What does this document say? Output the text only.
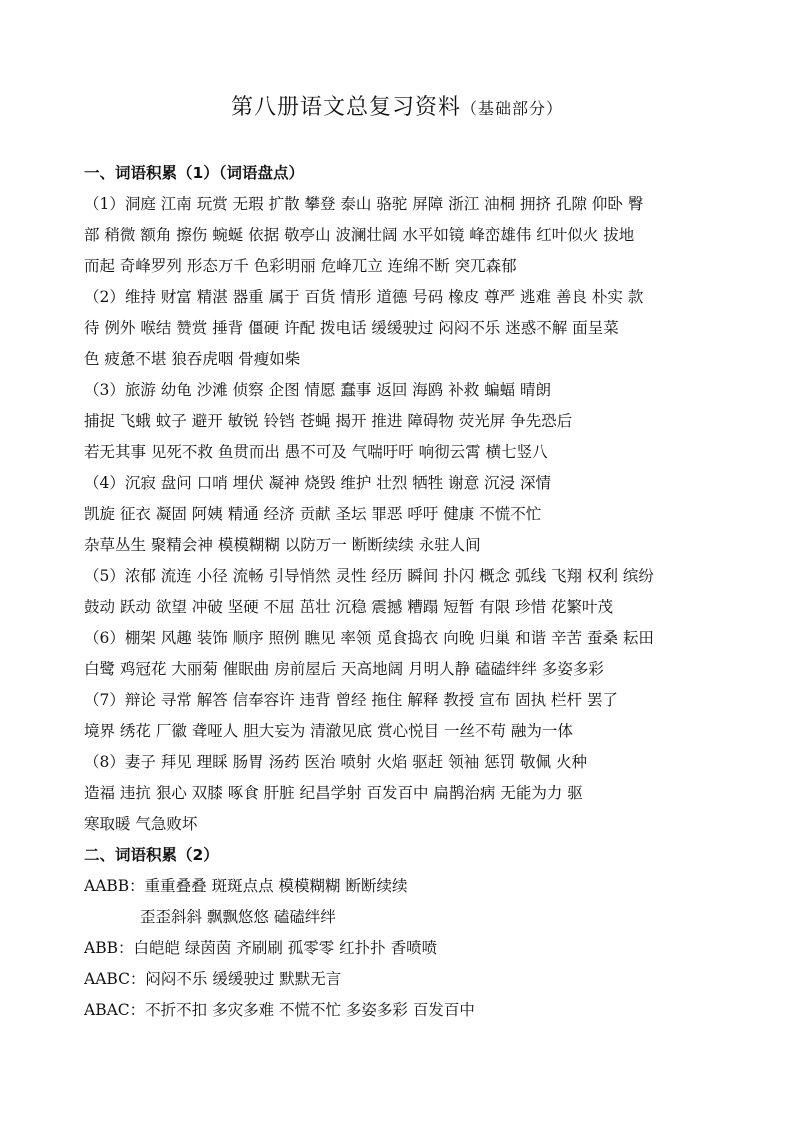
第八册语文总复习资料（基础部分）
一、词语积累（1）（词语盘点）
（1）洞庭 江南 玩赏 无瑕 扩散 攀登 泰山 骆驼 屏障 浙江 油桐 拥挤 孔隙 仰卧 臀
部 稍微 额角 擦伤 蜿蜒 依据 敬亭山 波澜壮阔 水平如镜 峰峦雄伟 红叶似火 拔地
而起 奇峰罗列 形态万千 色彩明丽 危峰兀立 连绵不断 突兀森郁
（2）维持 财富 精湛 器重 属于 百货 情形 道德 号码 橡皮 尊严 逃难 善良 朴实 款
待 例外 喉结 赞赏 捶背 僵硬 许配 拨电话 缓缓驶过 闷闷不乐 迷惑不解 面呈菜
色 疲惫不堪 狼吞虎咽 骨瘦如柴
（3）旅游 幼龟 沙滩 侦察 企图 情愿 蠢事 返回 海鸥 补救 蝙蝠 晴朗
捕捉 飞蛾 蚊子 避开 敏锐 铃铛 苍蝇 揭开 推进 障碍物 荧光屏 争先恐后
若无其事 见死不救 鱼贯而出 愚不可及 气喘吁吁 响彻云霄 横七竖八
（4）沉寂 盘问 口哨 埋伏 凝神 烧毁 维护 壮烈 牺牲 谢意 沉浸 深情
凯旋 征衣 凝固 阿姨 精通 经济 贡献 圣坛 罪恶 呼吁 健康 不慌不忙
杂草丛生 聚精会神 模模糊糊 以防万一 断断续续 永驻人间
（5）浓郁 流连 小径 流畅 引导悄然 灵性 经历 瞬间 扑闪 概念 弧线 飞翔 权利 缤纷
鼓动 跃动 欲望 冲破 坚硬 不屈 茁壮 沉稳 震撼 糟蹋 短暂 有限 珍惜 花繁叶茂
（6）棚架 风趣 装饰 顺序 照例 瞧见 率领 觅食捣衣 向晚 归巢 和谐 辛苦 蚕桑 耘田
白鹭 鸡冠花 大丽菊 催眠曲 房前屋后 天高地阔 月明人静 磕磕绊绊 多姿多彩
（7）辩论 寻常 解答 信奉容许 违背 曾经 拖住 解释 教授 宣布 固执 栏杆 罢了
境界 绣花 厂徽 聋哑人 胆大妄为 清澈见底 赏心悦目 一丝不苟 融为一体
（8）妻子 拜见 理睬 肠胃 汤药 医治 喷射 火焰 驱赶 领袖 惩罚 敬佩 火种
造福 违抗 狠心 双膝 啄食 肝脏 纪昌学射 百发百中 扁鹊治病 无能为力 驱
寒取暖 气急败坏
二、词语积累（2）
AABB：重重叠叠 斑斑点点 模模糊糊 断断续续
歪歪斜斜 飘飘悠悠 磕磕绊绊
ABB：白皑皑 绿茵茵 齐刷刷 孤零零 红扑扑 香喷喷
AABC：闷闷不乐 缓缓驶过 默默无言
ABAC：不折不扣 多灾多难 不慌不忙 多姿多彩 百发百中
